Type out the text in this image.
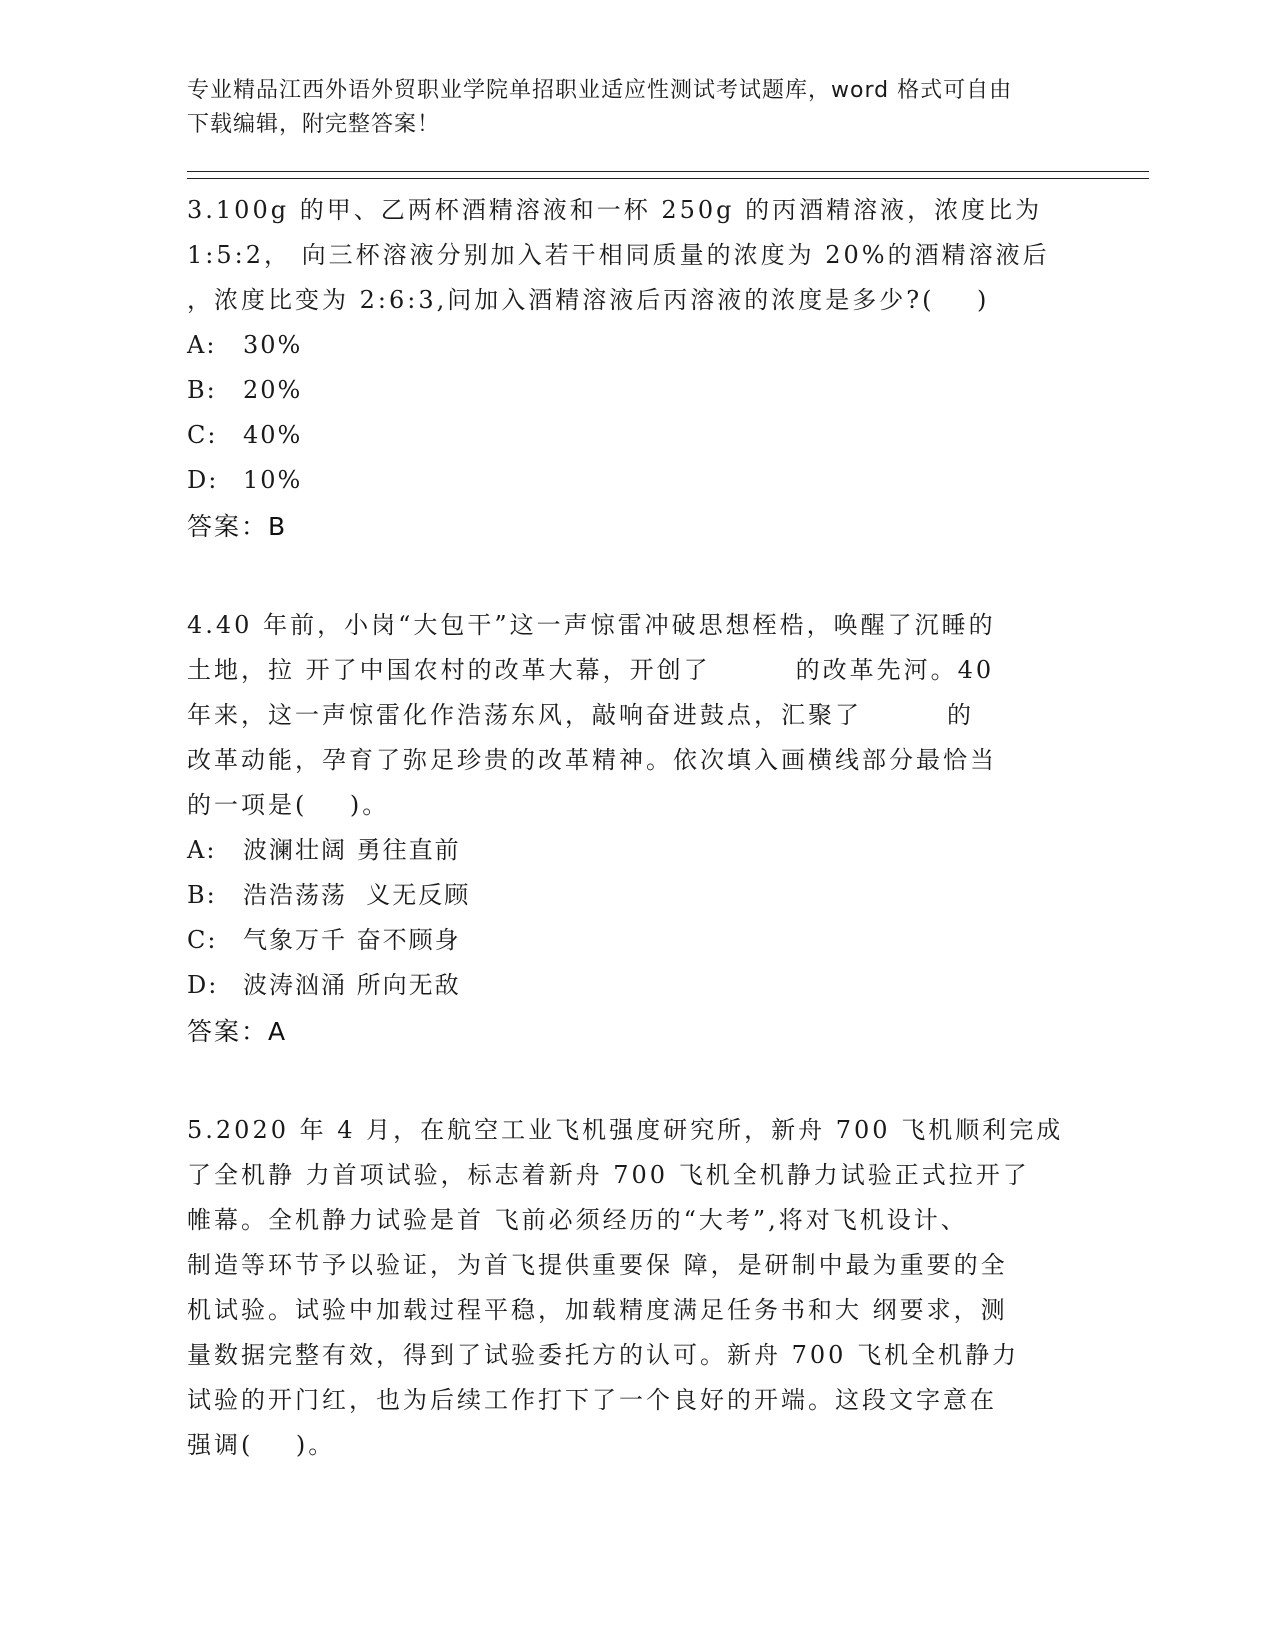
专业精品江西外语外贸职业学院单招职业适应性测试考试题库，word 格式可自由
下载编辑，附完整答案！
3.100g 的甲、乙两杯酒精溶液和一杯 250g 的丙酒精溶液，浓度比为
1:5:2， 向三杯溶液分别加入若干相同质量的浓度为 20%的酒精溶液后
，浓度比变为 2:6:3,问加入酒精溶液后丙溶液的浓度是多少?(    )
A:	30%
B:	20%
C:	40%
D:	10%
答案：B
4.40 年前，小岗“大包干”这一声惊雷冲破思想桎梏，唤醒了沉睡的
土地，拉 开了中国农村的改革大幕，开创了        的改革先河。40
年来，这一声惊雷化作浩荡东风，敲响奋进鼓点，汇聚了        的
改革动能，孕育了弥足珍贵的改革精神。依次填入画横线部分最恰当
的一项是(    )。
A:	波澜壮阔 勇往直前
B:	浩浩荡荡  义无反顾
C:	气象万千 奋不顾身
D:	波涛汹涌 所向无敌
答案：A
5.2020 年 4 月，在航空工业飞机强度研究所，新舟 700 飞机顺利完成
了全机静 力首项试验，标志着新舟 700 飞机全机静力试验正式拉开了
帷幕。全机静力试验是首 飞前必须经历的“大考”,将对飞机设计、
制造等环节予以验证，为首飞提供重要保 障，是研制中最为重要的全
机试验。试验中加载过程平稳，加载精度满足任务书和大 纲要求，测
量数据完整有效，得到了试验委托方的认可。新舟 700 飞机全机静力
试验的开门红，也为后续工作打下了一个良好的开端。这段文字意在
强调(    )。
